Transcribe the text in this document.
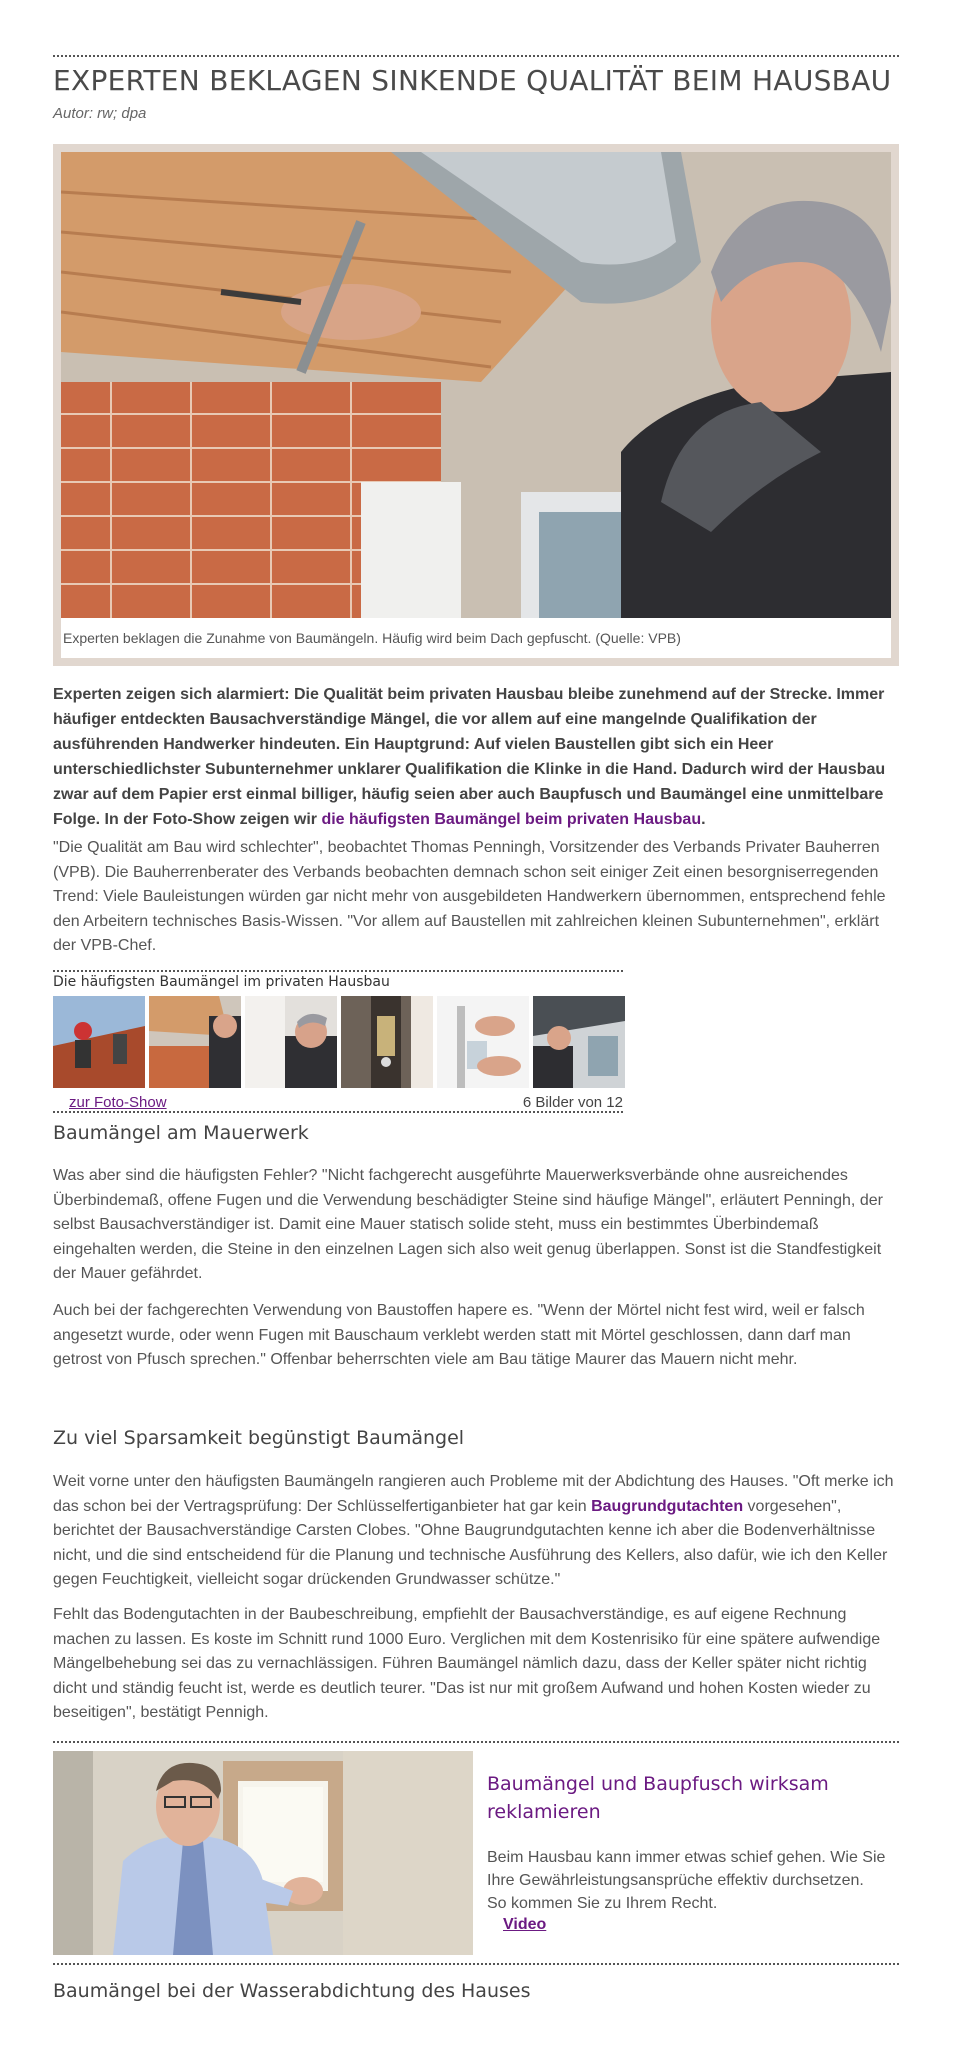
EXPERTEN BEKLAGEN SINKENDE QUALITÄT BEIM HAUSBAU
Autor: rw; dpa
Experten beklagen die Zunahme von Baumängeln. Häufig wird beim Dach gepfuscht. (Quelle: VPB)

Experten zeigen sich alarmiert: Die Qualität beim privaten Hausbau bleibe zunehmend auf der Strecke. Immer häufiger entdeckten Bausachverständige Mängel, die vor allem auf eine mangelnde Qualifikation der ausführenden Handwerker hindeuten. Ein Hauptgrund: Auf vielen Baustellen gibt sich ein Heer unterschiedlichster Subunternehmer unklarer Qualifikation die Klinke in die Hand. Dadurch wird der Hausbau zwar auf dem Papier erst einmal billiger, häufig seien aber auch Baupfusch und Baumängel eine unmittelbare Folge. In der Foto-Show zeigen wir die häufigsten Baumängel beim privaten Hausbau.

"Die Qualität am Bau wird schlechter", beobachtet Thomas Penningh, Vorsitzender des Verbands Privater Bauherren (VPB). Die Bauherrenberater des Verbands beobachten demnach schon seit einiger Zeit einen besorgniserregenden Trend: Viele Bauleistungen würden gar nicht mehr von ausgebildeten Handwerkern übernommen, entsprechend fehle den Arbeitern technisches Basis-Wissen. "Vor allem auf Baustellen mit zahlreichen kleinen Subunternehmen", erklärt der VPB-Chef.

Die häufigsten Baumängel im privaten Hausbau
zur Foto-Show	6 Bilder von 12
Baumängel am Mauerwerk

Was aber sind die häufigsten Fehler? "Nicht fachgerecht ausgeführte Mauerwerksverbände ohne ausreichendes Überbindemaß, offene Fugen und die Verwendung beschädigter Steine sind häufige Mängel", erläutert Penningh, der selbst Bausachverständiger ist. Damit eine Mauer statisch solide steht, muss ein bestimmtes Überbindemaß eingehalten werden, die Steine in den einzelnen Lagen sich also weit genug überlappen. Sonst ist die Standfestigkeit der Mauer gefährdet.

Auch bei der fachgerechten Verwendung von Baustoffen hapere es. "Wenn der Mörtel nicht fest wird, weil er falsch angesetzt wurde, oder wenn Fugen mit Bauschaum verklebt werden statt mit Mörtel geschlossen, dann darf man getrost von Pfusch sprechen." Offenbar beherrschten viele am Bau tätige Maurer das Mauern nicht mehr.

Zu viel Sparsamkeit begünstigt Baumängel

Weit vorne unter den häufigsten Baumängeln rangieren auch Probleme mit der Abdichtung des Hauses. "Oft merke ich das schon bei der Vertragsprüfung: Der Schlüsselfertiganbieter hat gar kein Baugrundgutachten vorgesehen", berichtet der Bausachverständige Carsten Clobes. "Ohne Baugrundgutachten kenne ich aber die Bodenverhältnisse nicht, und die sind entscheidend für die Planung und technische Ausführung des Kellers, also dafür, wie ich den Keller gegen Feuchtigkeit, vielleicht sogar drückenden Grundwasser schütze."

Fehlt das Bodengutachten in der Baubeschreibung, empfiehlt der Bausachverständige, es auf eigene Rechnung machen zu lassen. Es koste im Schnitt rund 1000 Euro. Verglichen mit dem Kostenrisiko für eine spätere aufwendige Mängelbehebung sei das zu vernachlässigen. Führen Baumängel nämlich dazu, dass der Keller später nicht richtig dicht und ständig feucht ist, werde es deutlich teurer. "Das ist nur mit großem Aufwand und hohen Kosten wieder zu beseitigen", bestätigt Pennigh.

Baumängel und Baupfusch wirksam reklamieren

Beim Hausbau kann immer etwas schief gehen. Wie Sie Ihre Gewährleistungsansprüche effektiv durchsetzen. So kommen Sie zu Ihrem Recht.

Video
Baumängel bei der Wasserabdichtung des Hauses
